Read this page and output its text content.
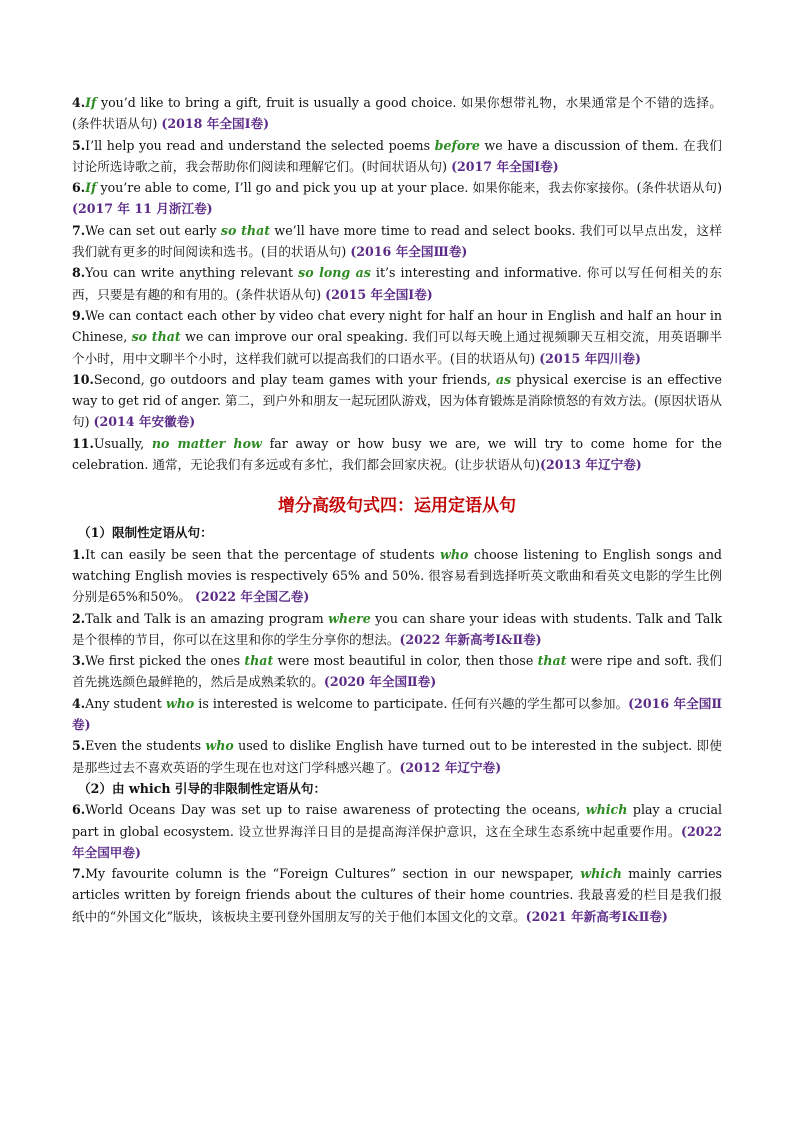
4.If you’d like to bring a gift, fruit is usually a good choice. 如果你想带礼物，水果通常是个不错的选择。(条件状语从句) (2018 年全国Ⅰ卷)

5.I’ll help you read and understand the selected poems before we have a discussion of them. 在我们讨论所选诗歌之前，我会帮助你们阅读和理解它们。(时间状语从句) (2017 年全国Ⅰ卷)

6.If you’re able to come, I’ll go and pick you up at your place. 如果你能来，我去你家接你。(条件状语从句) (2017 年 11 月浙江卷)

7.We can set out early so that we’ll have more time to read and select books. 我们可以早点出发，这样我们就有更多的时间阅读和选书。(目的状语从句) (2016 年全国Ⅲ卷)

8.You can write anything relevant so long as it’s interesting and informative. 你可以写任何相关的东西，只要是有趣的和有用的。(条件状语从句) (2015 年全国Ⅰ卷)

9.We can contact each other by video chat every night for half an hour in English and half an hour in Chinese, so that we can improve our oral speaking. 我们可以每天晚上通过视频聊天互相交流，用英语聊半个小时，用中文聊半个小时，这样我们就可以提高我们的口语水平。(目的状语从句) (2015 年四川卷)

10.Second, go outdoors and play team games with your friends, as physical exercise is an effective way to get rid of anger. 第二，到户外和朋友一起玩团队游戏，因为体育锻炼是消除愤怒的有效方法。(原因状语从句) (2014 年安徽卷)

11.Usually, no matter how far away or how busy we are, we will try to come home for the celebration. 通常，无论我们有多远或有多忙，我们都会回家庆祝。(让步状语从句)(2013 年辽宁卷)

增分高级句式四：运用定语从句
（1）限制性定语从句：

1.It can easily be seen that the percentage of students who choose listening to English songs and watching English movies is respectively 65% and 50%. 很容易看到选择听英文歌曲和看英文电影的学生比例分别是65%和50%。 (2022 年全国乙卷)

2.Talk and Talk is an amazing program where you can share your ideas with students. Talk and Talk 是个很棒的节目，你可以在这里和你的学生分享你的想法。(2022 年新高考Ⅰ&Ⅱ卷)

3.We first picked the ones that were most beautiful in color, then those that were ripe and soft. 我们首先挑选颜色最鲜艳的，然后是成熟柔软的。(2020 年全国Ⅱ卷)

4.Any student who is interested is welcome to participate. 任何有兴趣的学生都可以参加。(2016 年全国Ⅱ卷)

5.Even the students who used to dislike English have turned out to be interested in the subject. 即使是那些过去不喜欢英语的学生现在也对这门学科感兴趣了。(2012 年辽宁卷)

（2）由 which 引导的非限制性定语从句：

6.World Oceans Day was set up to raise awareness of protecting the oceans, which play a crucial part in global ecosystem. 设立世界海洋日目的是提高海洋保护意识，这在全球生态系统中起重要作用。(2022 年全国甲卷)

7.My favourite column is the “Foreign Cultures” section in our newspaper, which mainly carries articles written by foreign friends about the cultures of their home countries. 我最喜爱的栏目是我们报纸中的“外国文化”版块，该板块主要刊登外国朋友写的关于他们本国文化的文章。(2021 年新高考Ⅰ&Ⅱ卷)
